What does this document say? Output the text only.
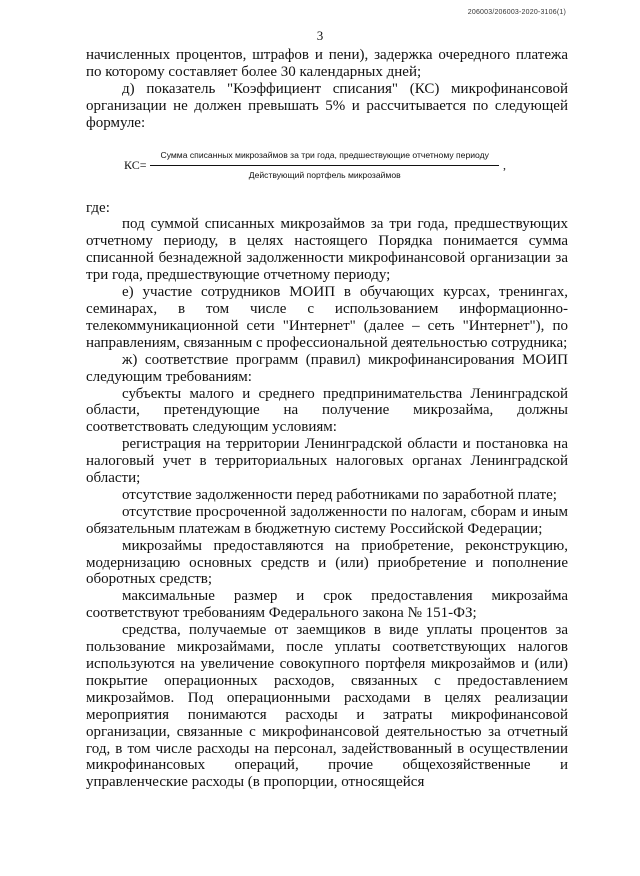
206003/206003-2020-3106(1)
3

начисленных процентов, штрафов и пени), задержка очередного платежа по которому составляет более 30 календарных дней;

д) показатель "Коэффициент списания" (КС) микрофинансовой организации не должен превышать 5% и рассчитывается по следующей формуле:

КС=
Сумма списанных микрозаймов за три года, предшествующие отчетному периоду
Действующий портфель микрозаймов
,

где:

под суммой списанных микрозаймов за три года, предшествующих отчетному периоду, в целях настоящего Порядка понимается сумма списанной безнадежной задолженности микрофинансовой организации за три года, предшествующие отчетному периоду;

е) участие сотрудников МОИП в обучающих курсах, тренингах, семинарах, в том числе с использованием информационно-телекоммуникационной сети "Интернет" (далее – сеть "Интернет"), по направлениям, связанным с профессиональной деятельностью сотрудника;

ж) соответствие программ (правил) микрофинансирования МОИП следующим требованиям:

субъекты малого и среднего предпринимательства Ленинградской области, претендующие на получение микрозайма, должны соответствовать следующим условиям:

регистрация на территории Ленинградской области и постановка на налоговый учет в территориальных налоговых органах Ленинградской области;

отсутствие задолженности перед работниками по заработной плате;

отсутствие просроченной задолженности по налогам, сборам и иным обязательным платежам в бюджетную систему Российской Федерации;

микрозаймы предоставляются на приобретение, реконструкцию, модернизацию основных средств и (или) приобретение и пополнение оборотных средств;

максимальные размер и срок предоставления микрозайма соответствуют требованиям Федерального закона № 151-ФЗ;

средства, получаемые от заемщиков в виде уплаты процентов за пользование микрозаймами, после уплаты соответствующих налогов используются на увеличение совокупного портфеля микрозаймов и (или) покрытие операционных расходов, связанных с предоставлением микрозаймов. Под операционными расходами в целях реализации мероприятия понимаются расходы и затраты микрофинансовой организации, связанные с микрофинансовой деятельностью за отчетный год, в том числе расходы на персонал, задействованный в осуществлении микрофинансовых операций, прочие общехозяйственные и управленческие расходы (в пропорции, относящейся
